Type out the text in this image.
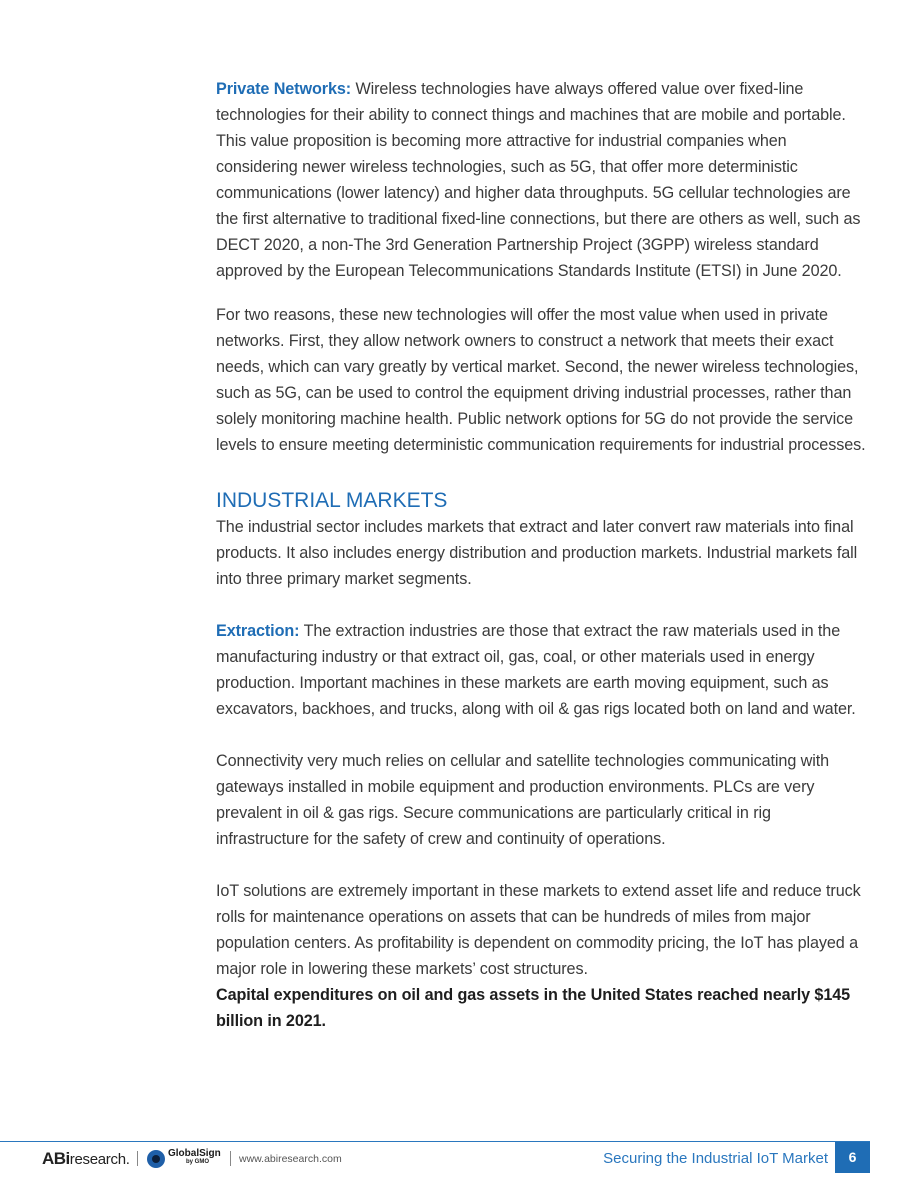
Private Networks: Wireless technologies have always offered value over fixed-line technologies for their ability to connect things and machines that are mobile and portable. This value proposition is becoming more attractive for industrial companies when considering newer wireless technologies, such as 5G, that offer more deterministic communications (lower latency) and higher data throughputs. 5G cellular technologies are the first alternative to traditional fixed-line connections, but there are others as well, such as DECT 2020, a non-The 3rd Generation Partnership Project (3GPP) wireless standard approved by the European Telecommunications Standards Institute (ETSI) in June 2020.

For two reasons, these new technologies will offer the most value when used in private networks. First, they allow network owners to construct a network that meets their exact needs, which can vary greatly by vertical market. Second, the newer wireless technologies, such as 5G, can be used to control the equipment driving industrial processes, rather than solely monitoring machine health. Public network options for 5G do not provide the service levels to ensure meeting deterministic communication requirements for industrial processes.

INDUSTRIAL MARKETS

The industrial sector includes markets that extract and later convert raw materials into final products. It also includes energy distribution and production markets. Industrial markets fall into three primary market segments.

Extraction: The extraction industries are those that extract the raw materials used in the manufacturing industry or that extract oil, gas, coal, or other materials used in energy production. Important machines in these markets are earth moving equipment, such as excavators, backhoes, and trucks, along with oil & gas rigs located both on land and water.

Connectivity very much relies on cellular and satellite technologies communicating with gateways installed in mobile equipment and production environments. PLCs are very prevalent in oil & gas rigs. Secure communications are particularly critical in rig infrastructure for the safety of crew and continuity of operations.

IoT solutions are extremely important in these markets to extend asset life and reduce truck rolls for maintenance operations on assets that can be hundreds of miles from major population centers. As profitability is dependent on commodity pricing, the IoT has played a major role in lowering these markets’ cost structures.

Capital expenditures on oil and gas assets in the United States reached nearly $145 billion in 2021.

ABiresearch.	GlobalSign
by GMO	www.abiresearch.com	Securing the Industrial IoT Market	6
